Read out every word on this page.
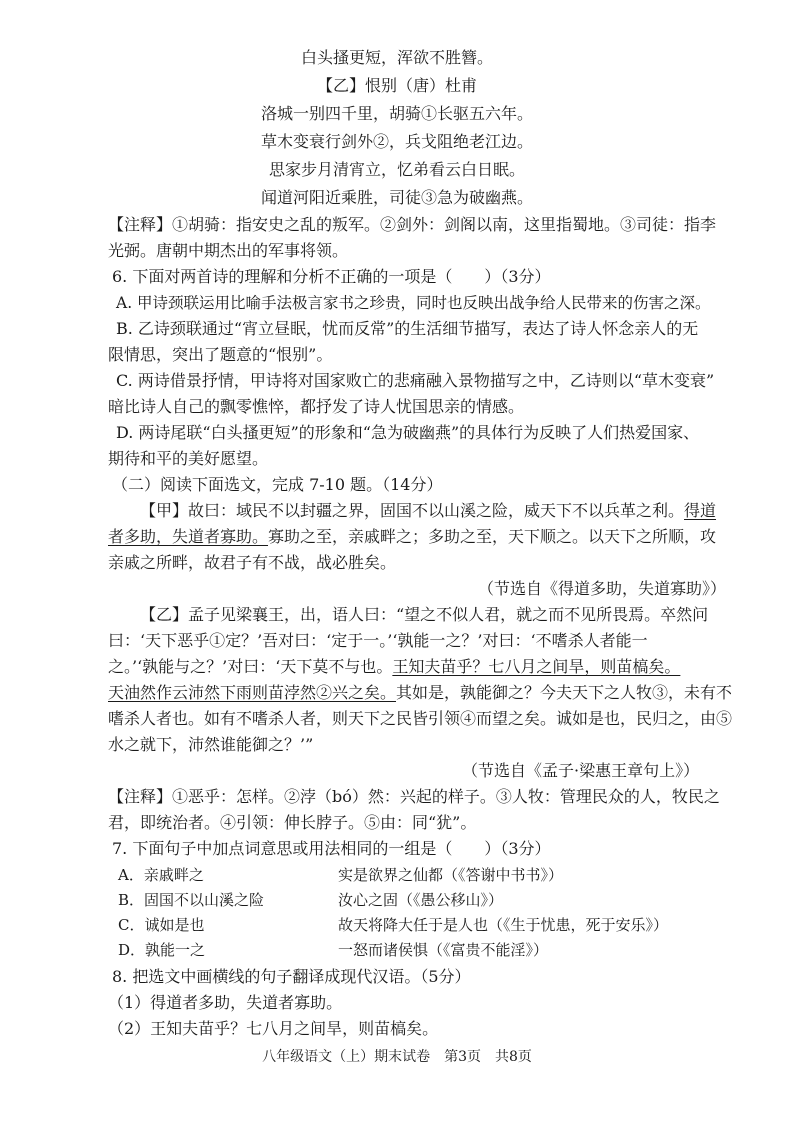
白头搔更短，浑欲不胜簪。
【乙】恨别（唐）杜甫
洛城一别四千里，胡骑①长驱五六年。
草木变衰行剑外②，兵戈阻绝老江边。
思家步月清宵立，忆弟看云白日眠。
闻道河阳近乘胜，司徒③急为破幽燕。
【注释】①胡骑：指安史之乱的叛军。②剑外：剑阁以南，这里指蜀地。③司徒：指李
光弼。唐朝中期杰出的军事将领。
6. 下面对两首诗的理解和分析不正确的一项是（　　）（3分）
A. 甲诗颈联运用比喻手法极言家书之珍贵，同时也反映出战争给人民带来的伤害之深。
B. 乙诗颈联通过“宵立昼眠，忧而反常”的生活细节描写，表达了诗人怀念亲人的无
限情思，突出了题意的“恨别”。
C. 两诗借景抒情，甲诗将对国家败亡的悲痛融入景物描写之中，乙诗则以“草木变衰”
暗比诗人自己的飘零憔悴，都抒发了诗人忧国思亲的情感。
D. 两诗尾联“白头搔更短”的形象和“急为破幽燕”的具体行为反映了人们热爱国家、
期待和平的美好愿望。
（二）阅读下面选文，完成 7-10 题。（14分）
【甲】故曰：域民不以封疆之界，固国不以山溪之险，威天下不以兵革之利。得道
者多助，失道者寡助。寡助之至，亲戚畔之；多助之至，天下顺之。以天下之所顺，攻
亲戚之所畔，故君子有不战，战必胜矣。
（节选自《得道多助，失道寡助》）
【乙】孟子见梁襄王，出，语人曰：“望之不似人君，就之而不见所畏焉。卒然问
曰：‘天下恶乎①定？’吾对曰：‘定于一。’‘孰能一之？’对曰：‘不嗜杀人者能一
之。’‘孰能与之？’对曰：‘天下莫不与也。王知夫苗乎？七八月之间旱，则苗槁矣。
天油然作云沛然下雨则苗浡然②兴之矣。其如是，孰能御之？今夫天下之人牧③，未有不
嗜杀人者也。如有不嗜杀人者，则天下之民皆引领④而望之矣。诚如是也，民归之，由⑤
水之就下，沛然谁能御之？’”
（节选自《孟子·梁惠王章句上》）
【注释】①恶乎：怎样。②浡（bó）然：兴起的样子。③人牧：管理民众的人，牧民之
君，即统治者。④引领：伸长脖子。⑤由：同“犹”。
7. 下面句子中加点词意思或用法相同的一组是（　　）（3分）
A．亲戚畔之	实是欲界之仙都（《答谢中书书》）
B．固国不以山溪之险	汝心之固（《愚公移山》）
C．诚如是也	故天将降大任于是人也（《生于忧患，死于安乐》）
D．孰能一之	一怒而诸侯惧（《富贵不能淫》）
8. 把选文中画横线的句子翻译成现代汉语。（5分）
（1）得道者多助，失道者寡助。
（2）王知夫苗乎？七八月之间旱，则苗槁矣。
八年级语文（上）期末试卷　第3页　共8页
